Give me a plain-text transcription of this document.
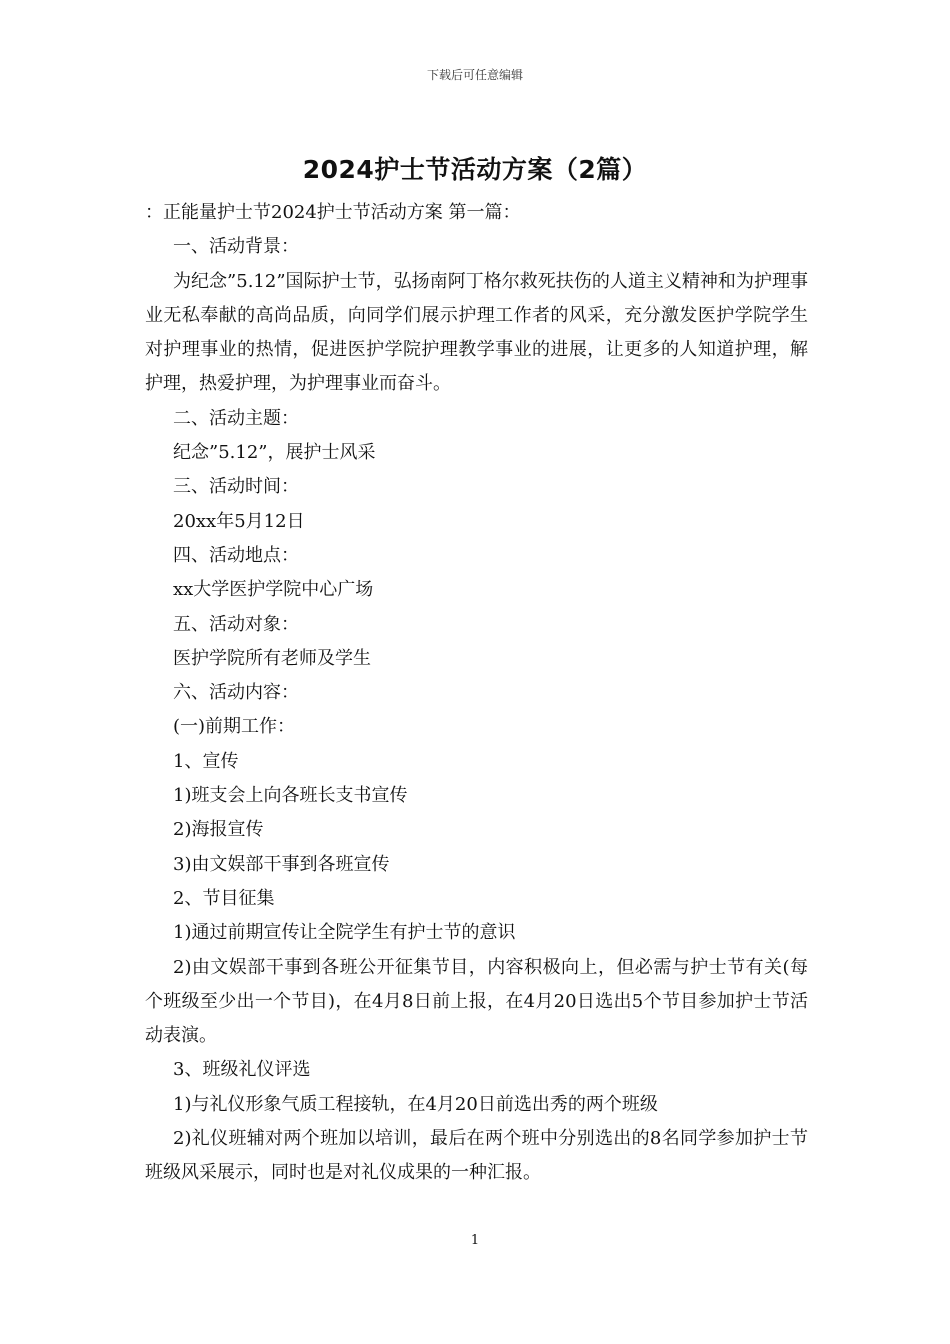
下载后可任意编辑
2024护士节活动方案（2篇）

：正能量护士节2024护士节活动方案 第一篇：

一、活动背景：

为纪念”5.12”国际护士节，弘扬南阿丁格尔救死扶伤的人道主义精神和为护理事业无私奉献的高尚品质，向同学们展示护理工作者的风采，充分激发医护学院学生对护理事业的热情，促进医护学院护理教学事业的进展，让更多的人知道护理，解护理，热爱护理，为护理事业而奋斗。

二、活动主题：

纪念”5.12”，展护士风采

三、活动时间：

20xx年5月12日

四、活动地点：

xx大学医护学院中心广场

五、活动对象：

医护学院所有老师及学生

六、活动内容：

(一)前期工作：

1、宣传

1)班支会上向各班长支书宣传

2)海报宣传

3)由文娱部干事到各班宣传

2、节目征集

1)通过前期宣传让全院学生有护士节的意识

2)由文娱部干事到各班公开征集节目，内容积极向上，但必需与护士节有关(每个班级至少出一个节目)，在4月8日前上报，在4月20日选出5个节目参加护士节活动表演。

3、班级礼仪评选

1)与礼仪形象气质工程接轨，在4月20日前选出秀的两个班级

2)礼仪班辅对两个班加以培训，最后在两个班中分别选出的8名同学参加护士节班级风采展示，同时也是对礼仪成果的一种汇报。

1
